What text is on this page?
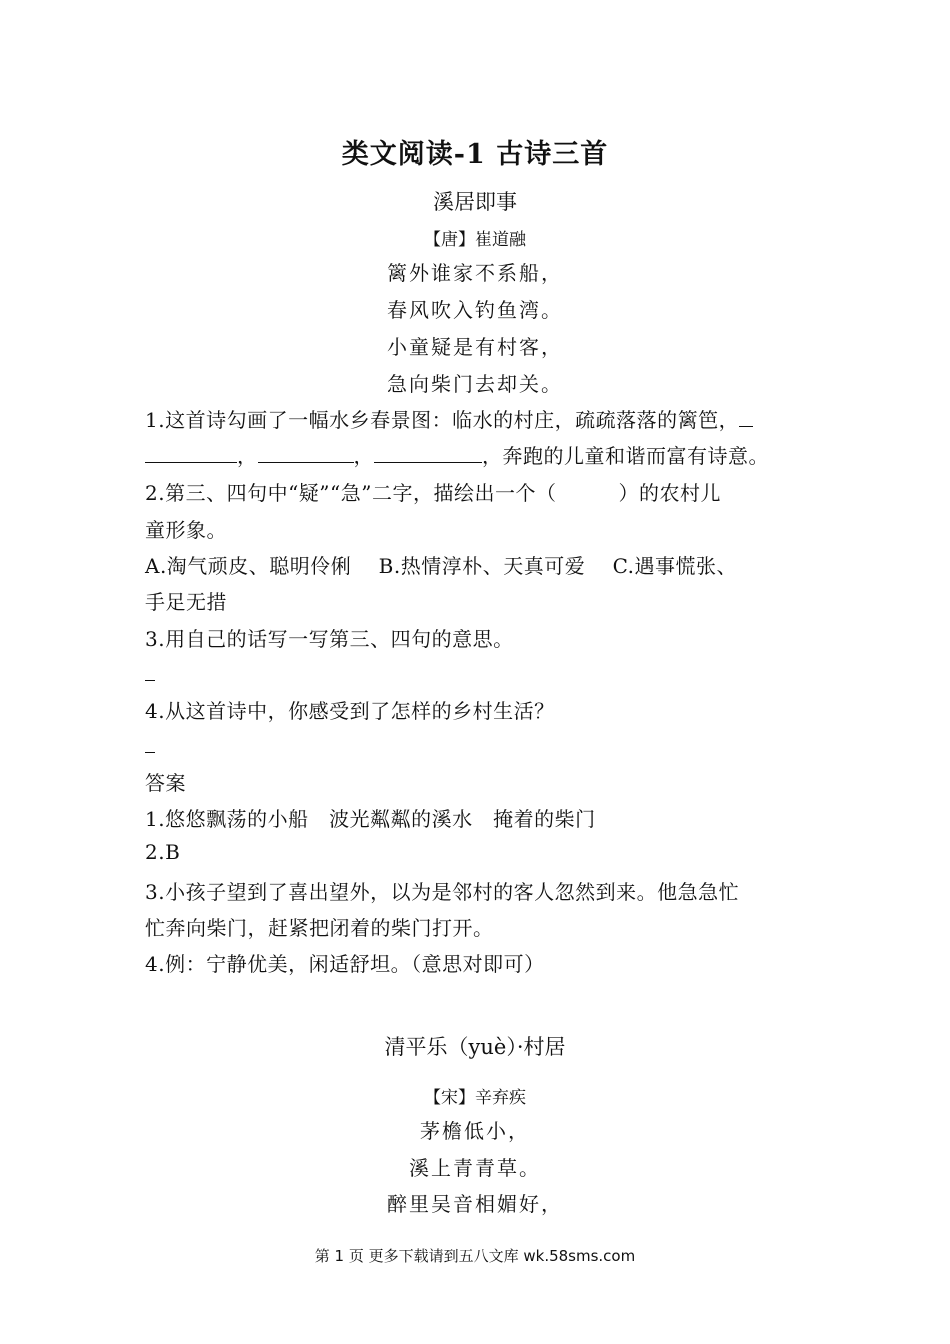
类文阅读-1 古诗三首
溪居即事
【唐】崔道融
篱外谁家不系船，
春风吹入钓鱼湾。
小童疑是有村客，
急向柴门去却关。
1.这首诗勾画了一幅水乡春景图：临水的村庄，疏疏落落的篱笆，
，	，	，奔跑的儿童和谐而富有诗意。
2.第三、四句中“疑”“急”二字，描绘出一个（	）的农村儿
童形象。
A.淘气顽皮、聪明伶俐　 B.热情淳朴、天真可爱　 C.遇事慌张、
手足无措
3.用自己的话写一写第三、四句的意思。
4.从这首诗中，你感受到了怎样的乡村生活？
答案
1.悠悠飘荡的小船　波光粼粼的溪水　掩着的柴门
2.B
3.小孩子望到了喜出望外，以为是邻村的客人忽然到来。他急急忙
忙奔向柴门，赶紧把闭着的柴门打开。
4.例：宁静优美，闲适舒坦。（意思对即可）
清平乐（yuè）·村居
【宋】辛弃疾
茅檐低小，
溪上青青草。
醉里吴音相媚好，
第 1 页 更多下载请到五八文库 wk.58sms.com
